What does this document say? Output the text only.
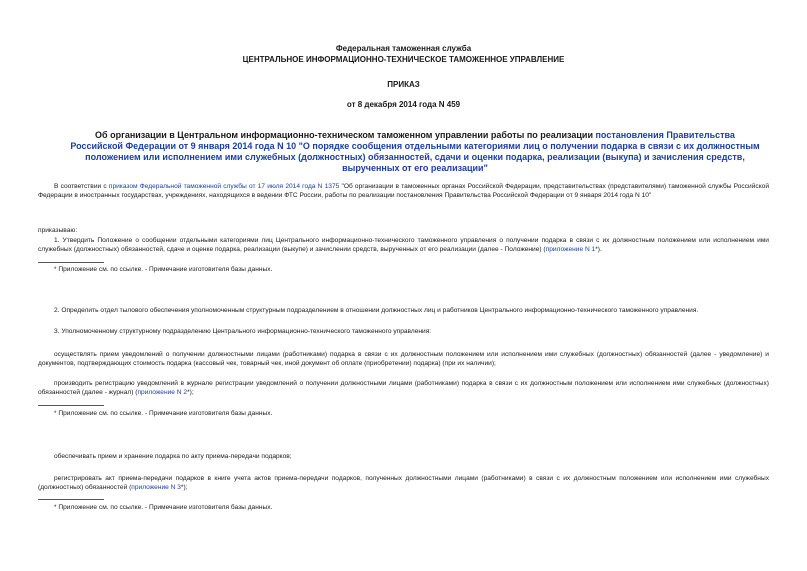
Федеральная таможенная служба
ЦЕНТРАЛЬНОЕ ИНФОРМАЦИОННО-ТЕХНИЧЕСКОЕ ТАМОЖЕННОЕ УПРАВЛЕНИЕ
ПРИКАЗ
от 8 декабря 2014 года N 459
Об организации в Центральном информационно-техническом таможенном управлении работы по реализации постановления Правительства Российской Федерации от 9 января 2014 года N 10 "О порядке сообщения отдельными категориями лиц о получении подарка в связи с их должностным положением или исполнением ими служебных (должностных) обязанностей, сдачи и оценки подарка, реализации (выкупа) и зачисления средств, вырученных от его реализации"
В соответствии с приказом Федеральной таможенной службы от 17 июля 2014 года N 1375 "Об организации в таможенных органах Российской Федерации, представительствах (представителями) таможенной службы Российской Федерации в иностранных государствах, учреждениях, находящихся в ведении ФТС России, работы по реализации постановления Правительства Российской Федерации от 9 января 2014 года N 10"
приказываю:
1. Утвердить Положение о сообщении отдельными категориями лиц Центрального информационно-технического таможенного управления о получении подарка в связи с их должностным положением или исполнением ими служебных (должностных) обязанностей, сдаче и оценке подарка, реализации (выкупе) и зачислении средств, вырученных от его реализации (далее - Положение) (приложение N 1*).
* Приложение см. по ссылке. - Примечание изготовителя базы данных.
2. Определить отдел тылового обеспечения уполномоченным структурным подразделением в отношении должностных лиц и работников Центрального информационно-технического таможенного управления.
3. Уполномоченному структурному подразделению Центрального информационно-технического таможенного управления:
осуществлять прием уведомлений о получении должностными лицами (работниками) подарка в связи с их должностным положением или исполнением ими служебных (должностных) обязанностей (далее - уведомление) и документов, подтверждающих стоимость подарка (кассовый чек, товарный чек, иной документ об оплате (приобретении) подарка) (при их наличии);
производить регистрацию уведомлений в журнале регистрации уведомлений о получении должностными лицами (работниками) подарка в связи с их должностным положением или исполнением ими служебных (должностных) обязанностей (далее - журнал) (приложение N 2*);
* Приложение см. по ссылке. - Примечание изготовителя базы данных.
обеспечивать прием и хранение подарка по акту приема-передачи подарков;
регистрировать акт приема-передачи подарков в книге учета актов приема-передачи подарков, полученных должностными лицами (работниками) в связи с их должностным положением или исполнением ими служебных (должностных) обязанностей (приложение N 3*);
* Приложение см. по ссылке. - Примечание изготовителя базы данных.
